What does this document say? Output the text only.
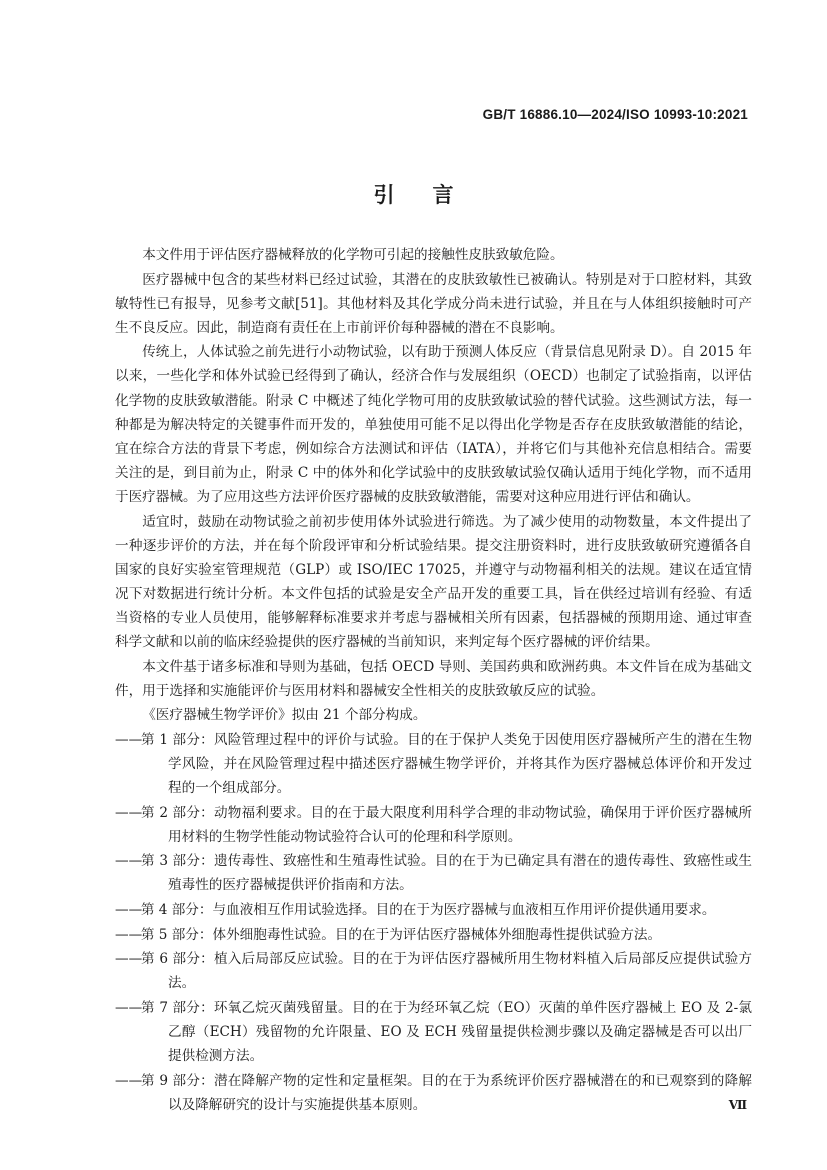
GB/T 16886.10—2024/ISO 10993-10:2021
引言

本文件用于评估医疗器械释放的化学物可引起的接触性皮肤致敏危险。

医疗器械中包含的某些材料已经过试验，其潜在的皮肤致敏性已被确认。特别是对于口腔材料，其致敏特性已有报导，见参考文献[51]。其他材料及其化学成分尚未进行试验，并且在与人体组织接触时可产生不良反应。因此，制造商有责任在上市前评价每种器械的潜在不良影响。

传统上，人体试验之前先进行小动物试验，以有助于预测人体反应（背景信息见附录 D）。自 2015 年以来，一些化学和体外试验已经得到了确认，经济合作与发展组织（OECD）也制定了试验指南，以评估化学物的皮肤致敏潜能。附录 C 中概述了纯化学物可用的皮肤致敏试验的替代试验。这些测试方法，每一种都是为解决特定的关键事件而开发的，单独使用可能不足以得出化学物是否存在皮肤致敏潜能的结论，宜在综合方法的背景下考虑，例如综合方法测试和评估（IATA），并将它们与其他补充信息相结合。需要关注的是，到目前为止，附录 C 中的体外和化学试验中的皮肤致敏试验仅确认适用于纯化学物，而不适用于医疗器械。为了应用这些方法评价医疗器械的皮肤致敏潜能，需要对这种应用进行评估和确认。

适宜时，鼓励在动物试验之前初步使用体外试验进行筛选。为了减少使用的动物数量，本文件提出了一种逐步评价的方法，并在每个阶段评审和分析试验结果。提交注册资料时，进行皮肤致敏研究遵循各自国家的良好实验室管理规范（GLP）或 ISO/IEC 17025，并遵守与动物福利相关的法规。建议在适宜情况下对数据进行统计分析。本文件包括的试验是安全产品开发的重要工具，旨在供经过培训有经验、有适当资格的专业人员使用，能够解释标准要求并考虑与器械相关所有因素，包括器械的预期用途、通过审查科学文献和以前的临床经验提供的医疗器械的当前知识，来判定每个医疗器械的评价结果。

本文件基于诸多标准和导则为基础，包括 OECD 导则、美国药典和欧洲药典。本文件旨在成为基础文件，用于选择和实施能评价与医用材料和器械安全性相关的皮肤致敏反应的试验。

《医疗器械生物学评价》拟由 21 个部分构成。

——第 1 部分：风险管理过程中的评价与试验。目的在于保护人类免于因使用医疗器械所产生的潜在生物学风险，并在风险管理过程中描述医疗器械生物学评价，并将其作为医疗器械总体评价和开发过程的一个组成部分。
——第 2 部分：动物福利要求。目的在于最大限度利用科学合理的非动物试验，确保用于评价医疗器械所用材料的生物学性能动物试验符合认可的伦理和科学原则。
——第 3 部分：遗传毒性、致癌性和生殖毒性试验。目的在于为已确定具有潜在的遗传毒性、致癌性或生殖毒性的医疗器械提供评价指南和方法。
——第 4 部分：与血液相互作用试验选择。目的在于为医疗器械与血液相互作用评价提供通用要求。
——第 5 部分：体外细胞毒性试验。目的在于为评估医疗器械体外细胞毒性提供试验方法。
——第 6 部分：植入后局部反应试验。目的在于为评估医疗器械所用生物材料植入后局部反应提供试验方法。
——第 7 部分：环氧乙烷灭菌残留量。目的在于为经环氧乙烷（EO）灭菌的单件医疗器械上 EO 及 2-氯乙醇（ECH）残留物的允许限量、EO 及 ECH 残留量提供检测步骤以及确定器械是否可以出厂提供检测方法。
——第 9 部分：潜在降解产物的定性和定量框架。目的在于为系统评价医疗器械潜在的和已观察到的降解以及降解研究的设计与实施提供基本原则。	Ⅶ
